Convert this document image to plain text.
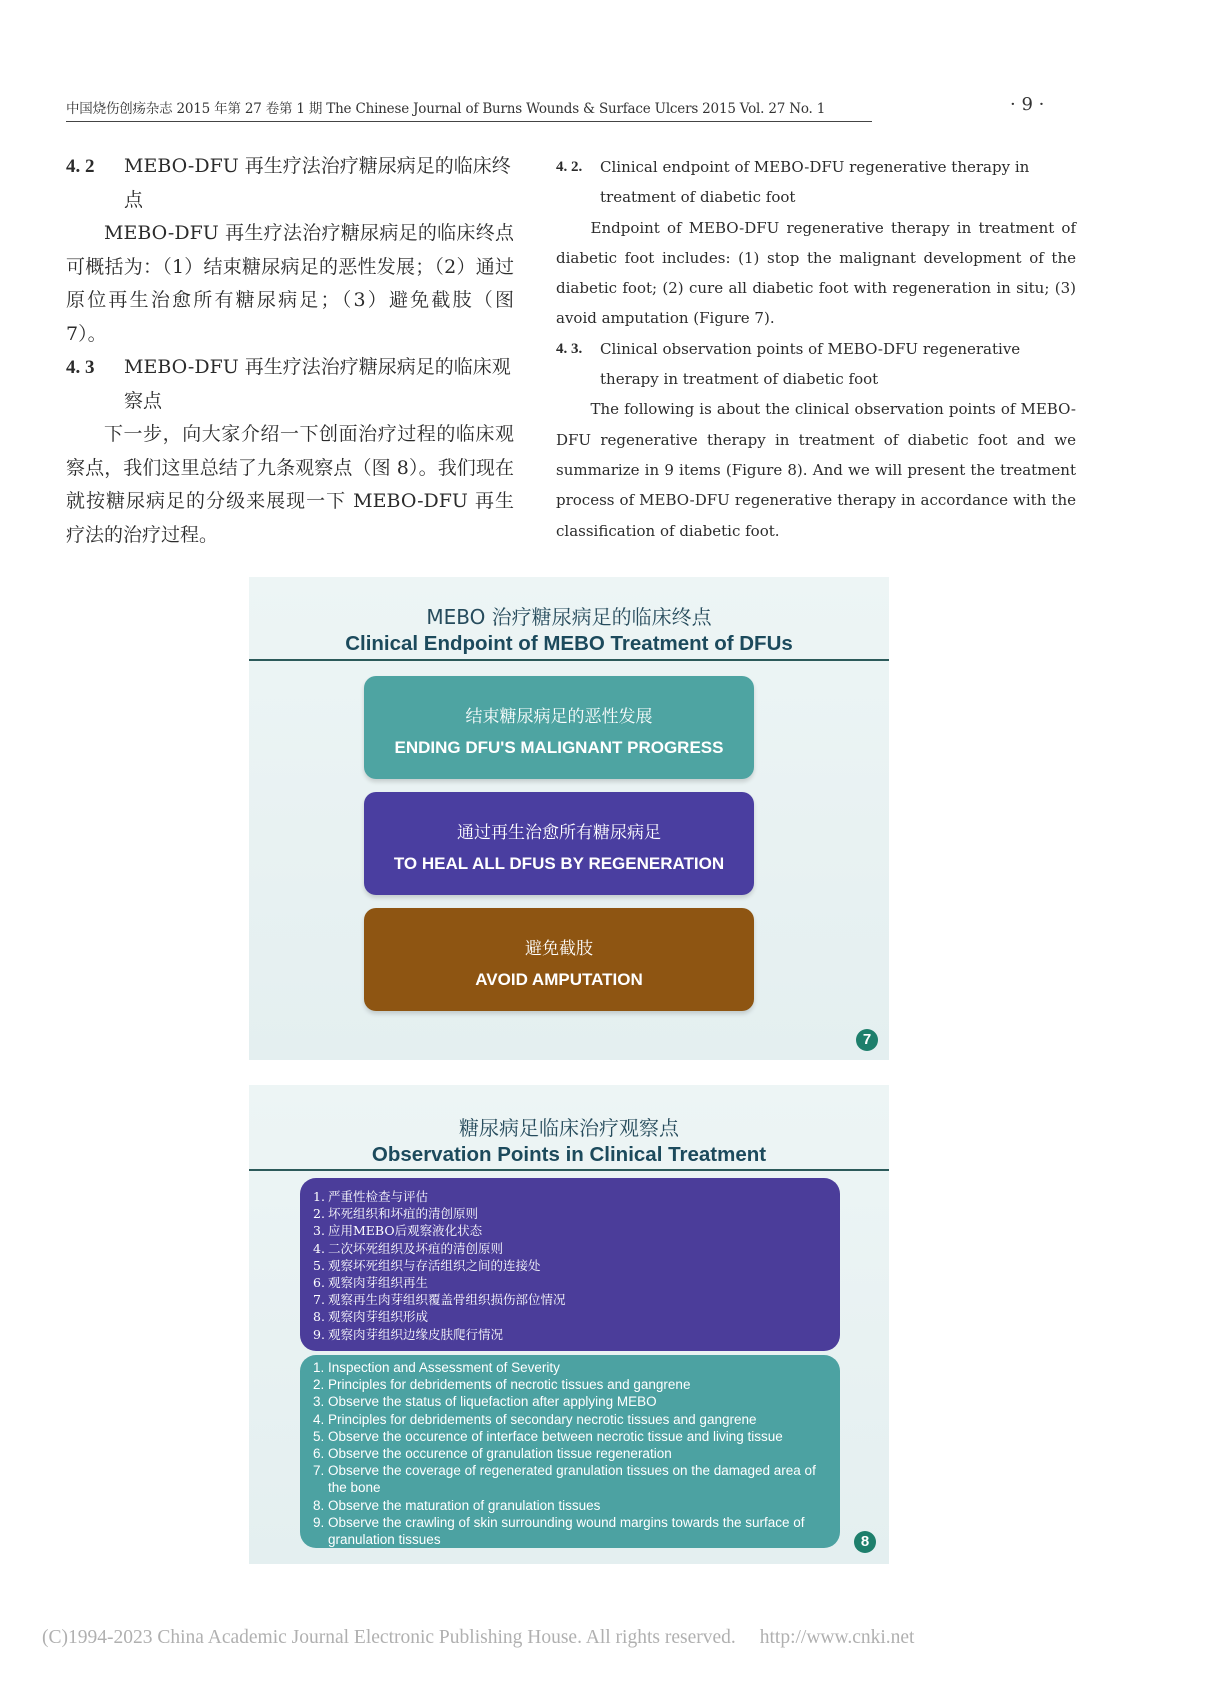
中国烧伤创疡杂志 2015 年第 27 卷第 1 期 The Chinese Journal of Burns Wounds & Surface Ulcers 2015 Vol. 27 No. 1	· 9 ·
4. 2	MEBO-DFU 再生疗法治疗糖尿病足的临床终点
MEBO-DFU 再生疗法治疗糖尿病足的临床终点可概括为：（1）结束糖尿病足的恶性发展；（2）通过原位再生治愈所有糖尿病足；（3）避免截肢（图 7）。
4. 3	MEBO-DFU 再生疗法治疗糖尿病足的临床观察点
下一步，向大家介绍一下创面治疗过程的临床观察点，我们这里总结了九条观察点（图 8）。我们现在就按糖尿病足的分级来展现一下 MEBO-DFU 再生疗法的治疗过程。
4. 2.	Clinical endpoint of MEBO-DFU regenerative therapy in treatment of diabetic foot
Endpoint of MEBO-DFU regenerative therapy in treatment of diabetic foot includes: (1) stop the malignant development of the diabetic foot; (2) cure all diabetic foot with regeneration in situ; (3) avoid amputation (Figure 7).
4. 3.	Clinical observation points of MEBO-DFU regenerative therapy in treatment of diabetic foot
The following is about the clinical observation points of MEBO-DFU regenerative therapy in treatment of diabetic foot and we summarize in 9 items (Figure 8). And we will present the treatment process of MEBO-DFU regenerative therapy in accordance with the classification of diabetic foot.
MEBO 治疗糖尿病足的临床终点
Clinical Endpoint of MEBO Treatment of DFUs
结束糖尿病足的恶性发展
ENDING DFU'S MALIGNANT PROGRESS
通过再生治愈所有糖尿病足
TO HEAL ALL DFUS BY REGENERATION
避免截肢
AVOID AMPUTATION
7
糖尿病足临床治疗观察点
Observation Points in Clinical Treatment
1. 严重性检查与评估
2. 坏死组织和坏疽的清创原则
3. 应用MEBO后观察液化状态
4. 二次坏死组织及坏疽的清创原则
5. 观察坏死组织与存活组织之间的连接处
6. 观察肉芽组织再生
7. 观察再生肉芽组织覆盖骨组织损伤部位情况
8. 观察肉芽组织形成
9. 观察肉芽组织边缘皮肤爬行情况
1. Inspection and Assessment of Severity
2. Principles for debridements of necrotic tissues and gangrene
3. Observe the status of liquefaction after applying MEBO
4. Principles for debridements of secondary necrotic tissues and gangrene
5. Observe the occurence of interface between necrotic tissue and living tissue
6. Observe the occurence of granulation tissue regeneration
7. Observe the coverage of regenerated granulation tissues on the damaged area of the bone
8. Observe the maturation of granulation tissues
9. Observe the crawling of skin surrounding wound margins towards the surface of granulation tissues	8
(C)1994-2023 China Academic Journal Electronic Publishing House. All rights reserved. http://www.cnki.net
